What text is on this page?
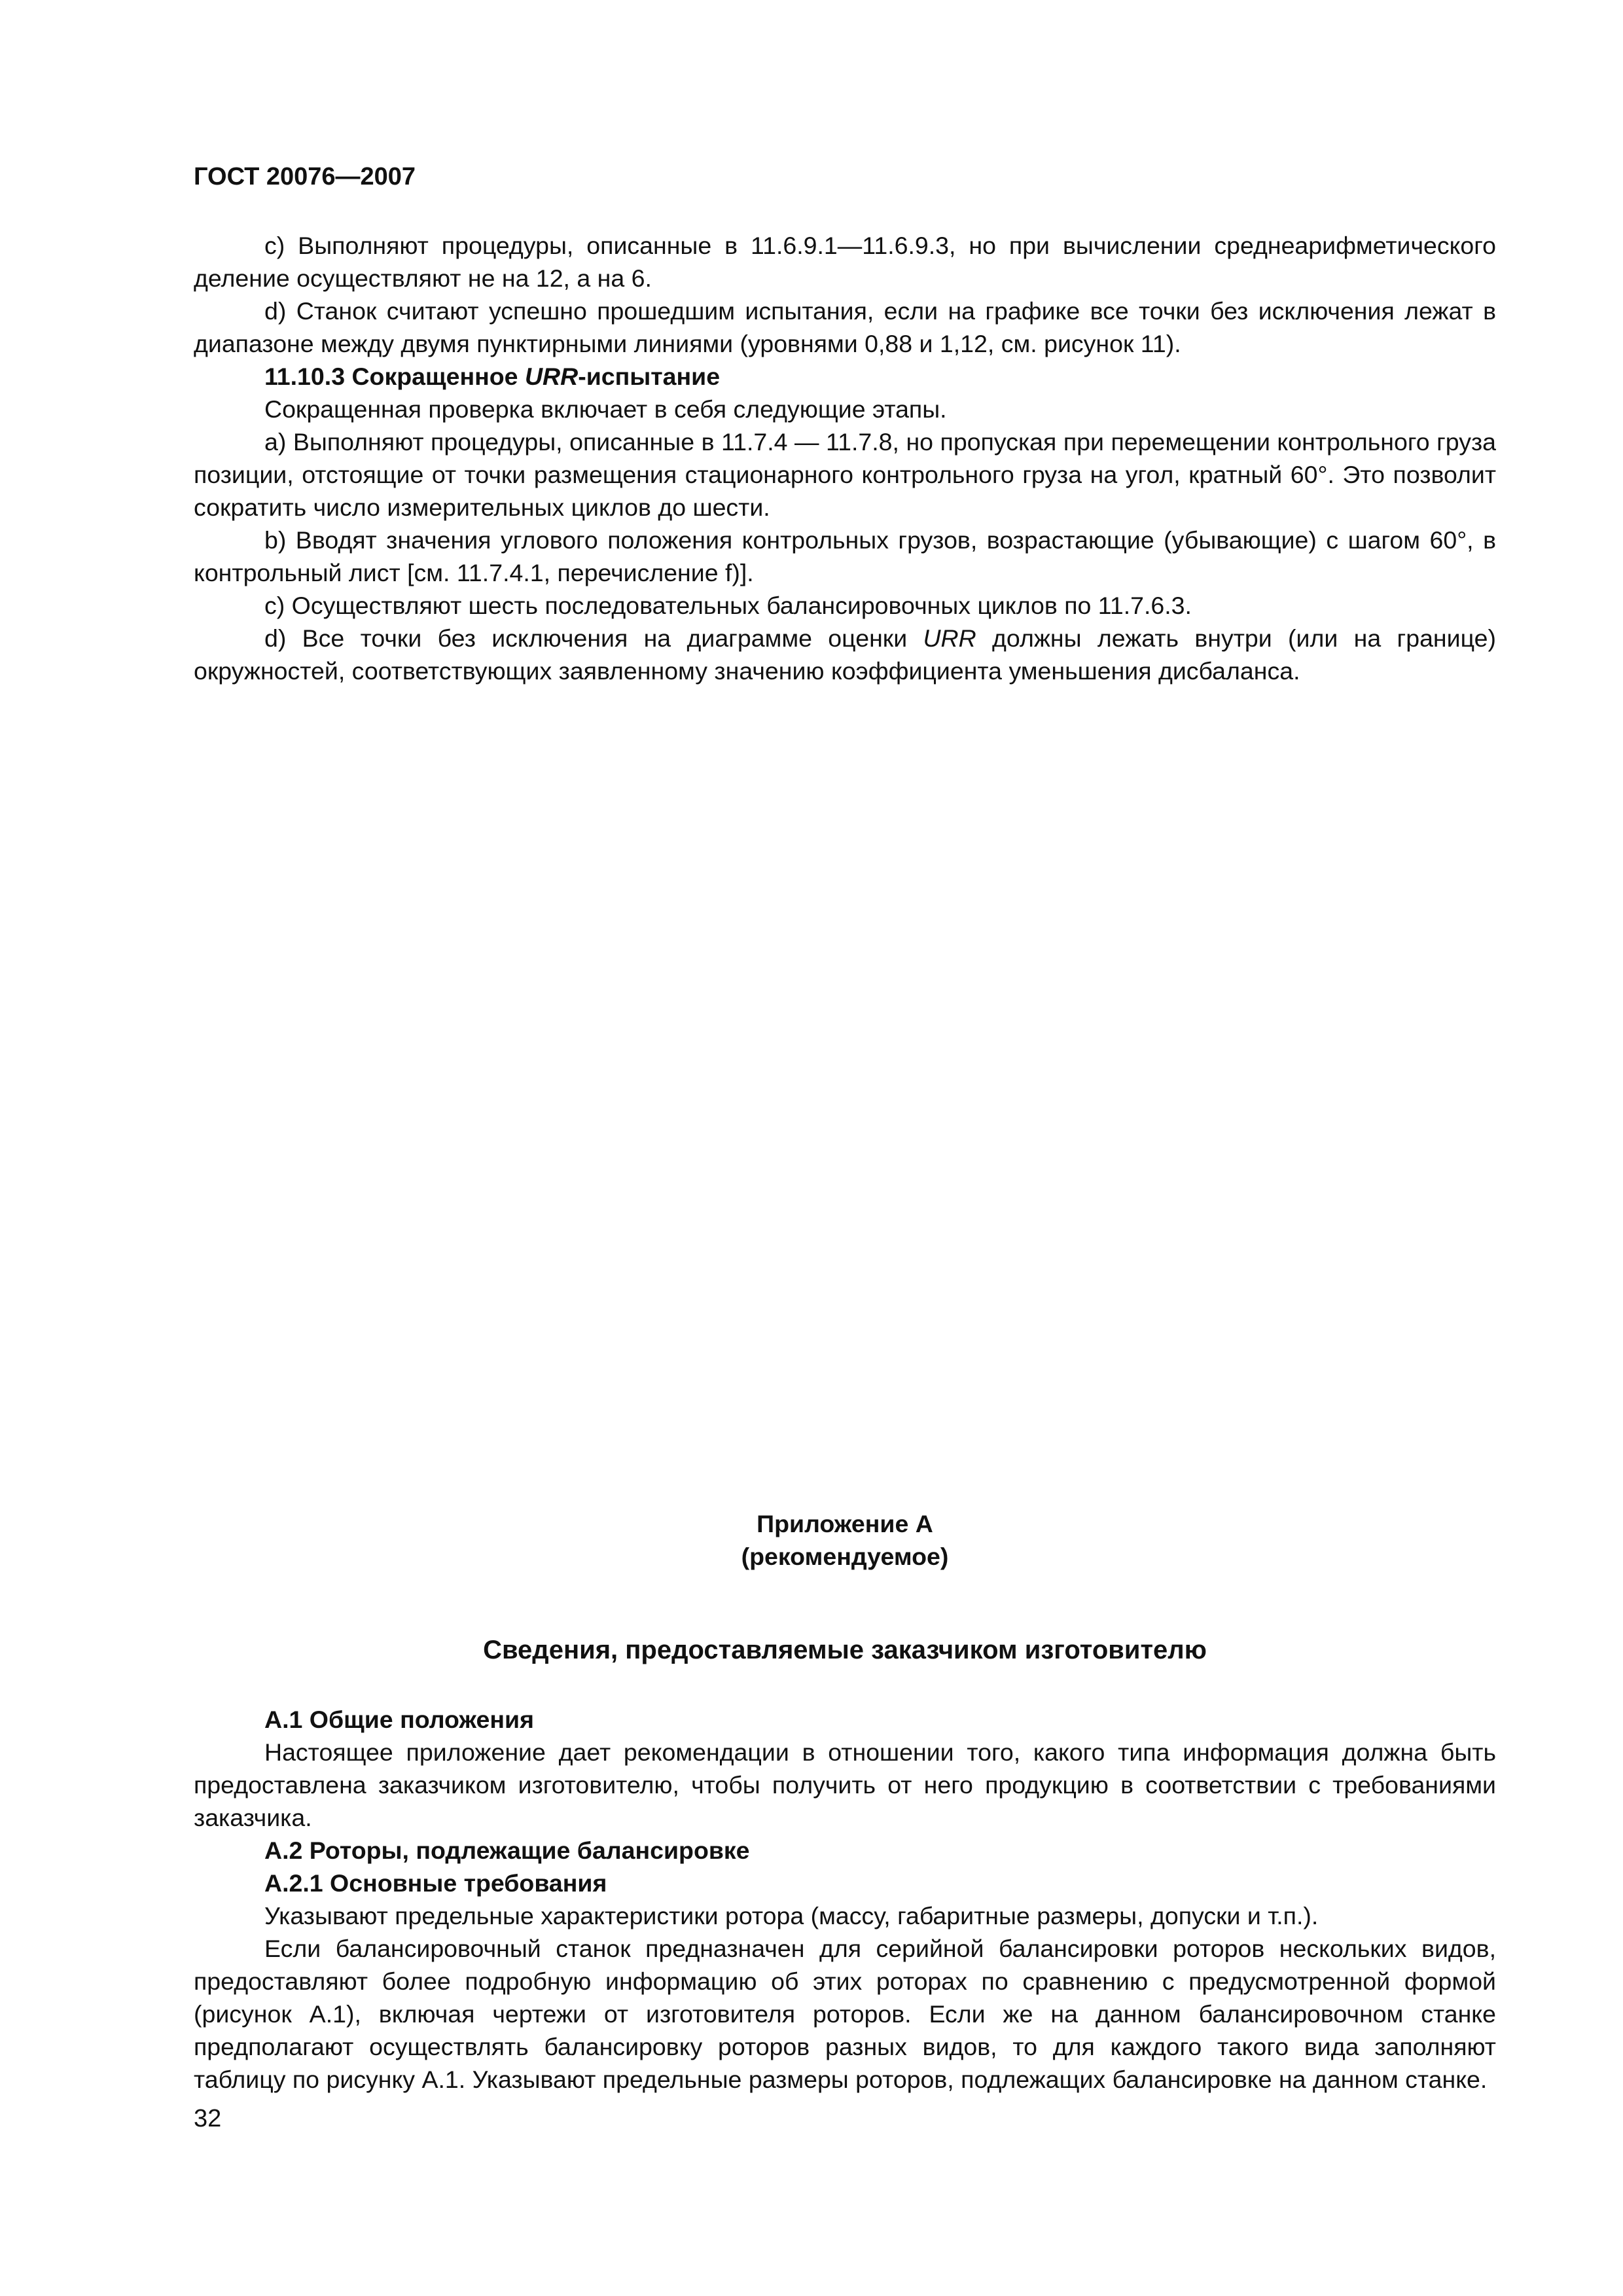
ГОСТ 20076—2007

c) Выполняют процедуры, описанные в 11.6.9.1—11.6.9.3, но при вычислении среднеарифметического деление осуществляют не на 12, а на 6.

d) Станок считают успешно прошедшим испытания, если на графике все точки без исключения лежат в диапазоне между двумя пунктирными линиями (уровнями 0,88 и 1,12, см. рисунок 11).

11.10.3 Сокращенное URR-испытание

Сокращенная проверка включает в себя следующие этапы.

a) Выполняют процедуры, описанные в 11.7.4 — 11.7.8, но пропуская при перемещении контрольного груза позиции, отстоящие от точки размещения стационарного контрольного груза на угол, кратный 60°. Это позволит сократить число измерительных циклов до шести.

b) Вводят значения углового положения контрольных грузов, возрастающие (убывающие) с шагом 60°, в контрольный лист [см. 11.7.4.1, перечисление f)].

c) Осуществляют шесть последовательных балансировочных циклов по 11.7.6.3.

d) Все точки без исключения на диаграмме оценки URR должны лежать внутри (или на границе) окружностей, соответствующих заявленному значению коэффициента уменьшения дисбаланса.

Приложение А

(рекомендуемое)

Сведения, предоставляемые заказчиком изготовителю

А.1 Общие положения

Настоящее приложение дает рекомендации в отношении того, какого типа информация должна быть предоставлена заказчиком изготовителю, чтобы получить от него продукцию в соответствии с требованиями заказчика.

А.2 Роторы, подлежащие балансировке

А.2.1 Основные требования

Указывают предельные характеристики ротора (массу, габаритные размеры, допуски и т.п.).

Если балансировочный станок предназначен для серийной балансировки роторов нескольких видов, предоставляют более подробную информацию об этих роторах по сравнению с предусмотренной формой (рисунок А.1), включая чертежи от изготовителя роторов. Если же на данном балансировочном станке предполагают осуществлять балансировку роторов разных видов, то для каждого такого вида заполняют таблицу по рисунку А.1. Указывают предельные размеры роторов, подлежащих балансировке на данном станке.

32
